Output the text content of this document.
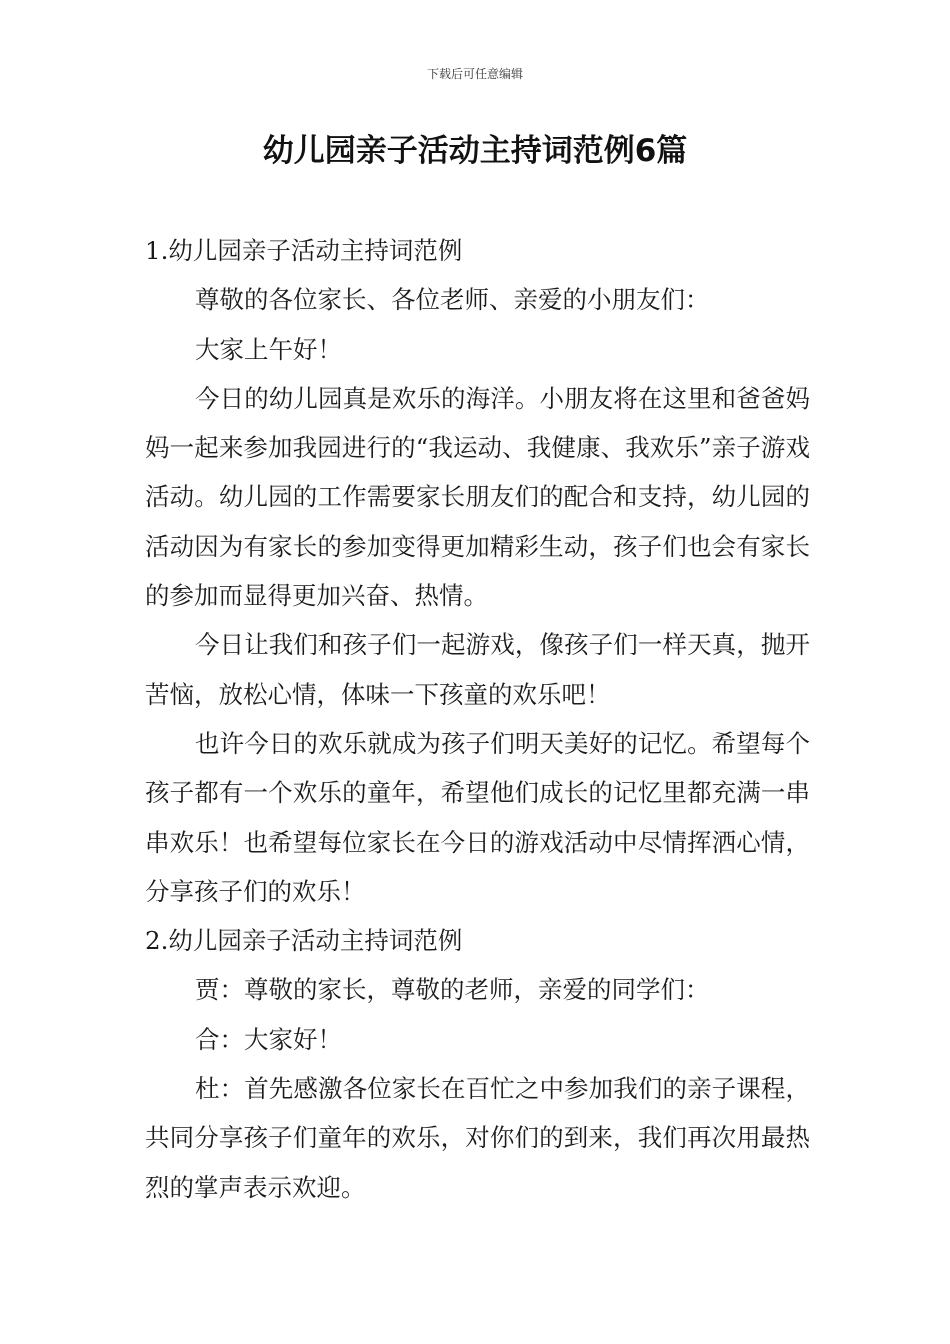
下载后可任意编辑
幼儿园亲子活动主持词范例6篇

1.幼儿园亲子活动主持词范例

尊敬的各位家长、各位老师、亲爱的小朋友们：

大家上午好！

今日的幼儿园真是欢乐的海洋。小朋友将在这里和爸爸妈妈一起来参加我园进行的“我运动、我健康、我欢乐”亲子游戏活动。幼儿园的工作需要家长朋友们的配合和支持，幼儿园的活动因为有家长的参加变得更加精彩生动，孩子们也会有家长的参加而显得更加兴奋、热情。

今日让我们和孩子们一起游戏，像孩子们一样天真，抛开苦恼，放松心情，体味一下孩童的欢乐吧！

也许今日的欢乐就成为孩子们明天美好的记忆。希望每个孩子都有一个欢乐的童年，希望他们成长的记忆里都充满一串串欢乐！也希望每位家长在今日的游戏活动中尽情挥洒心情，分享孩子们的欢乐！

2.幼儿园亲子活动主持词范例

贾：尊敬的家长，尊敬的老师，亲爱的同学们：

合：大家好！

杜：首先感激各位家长在百忙之中参加我们的亲子课程，共同分享孩子们童年的欢乐，对你们的到来，我们再次用最热烈的掌声表示欢迎。
